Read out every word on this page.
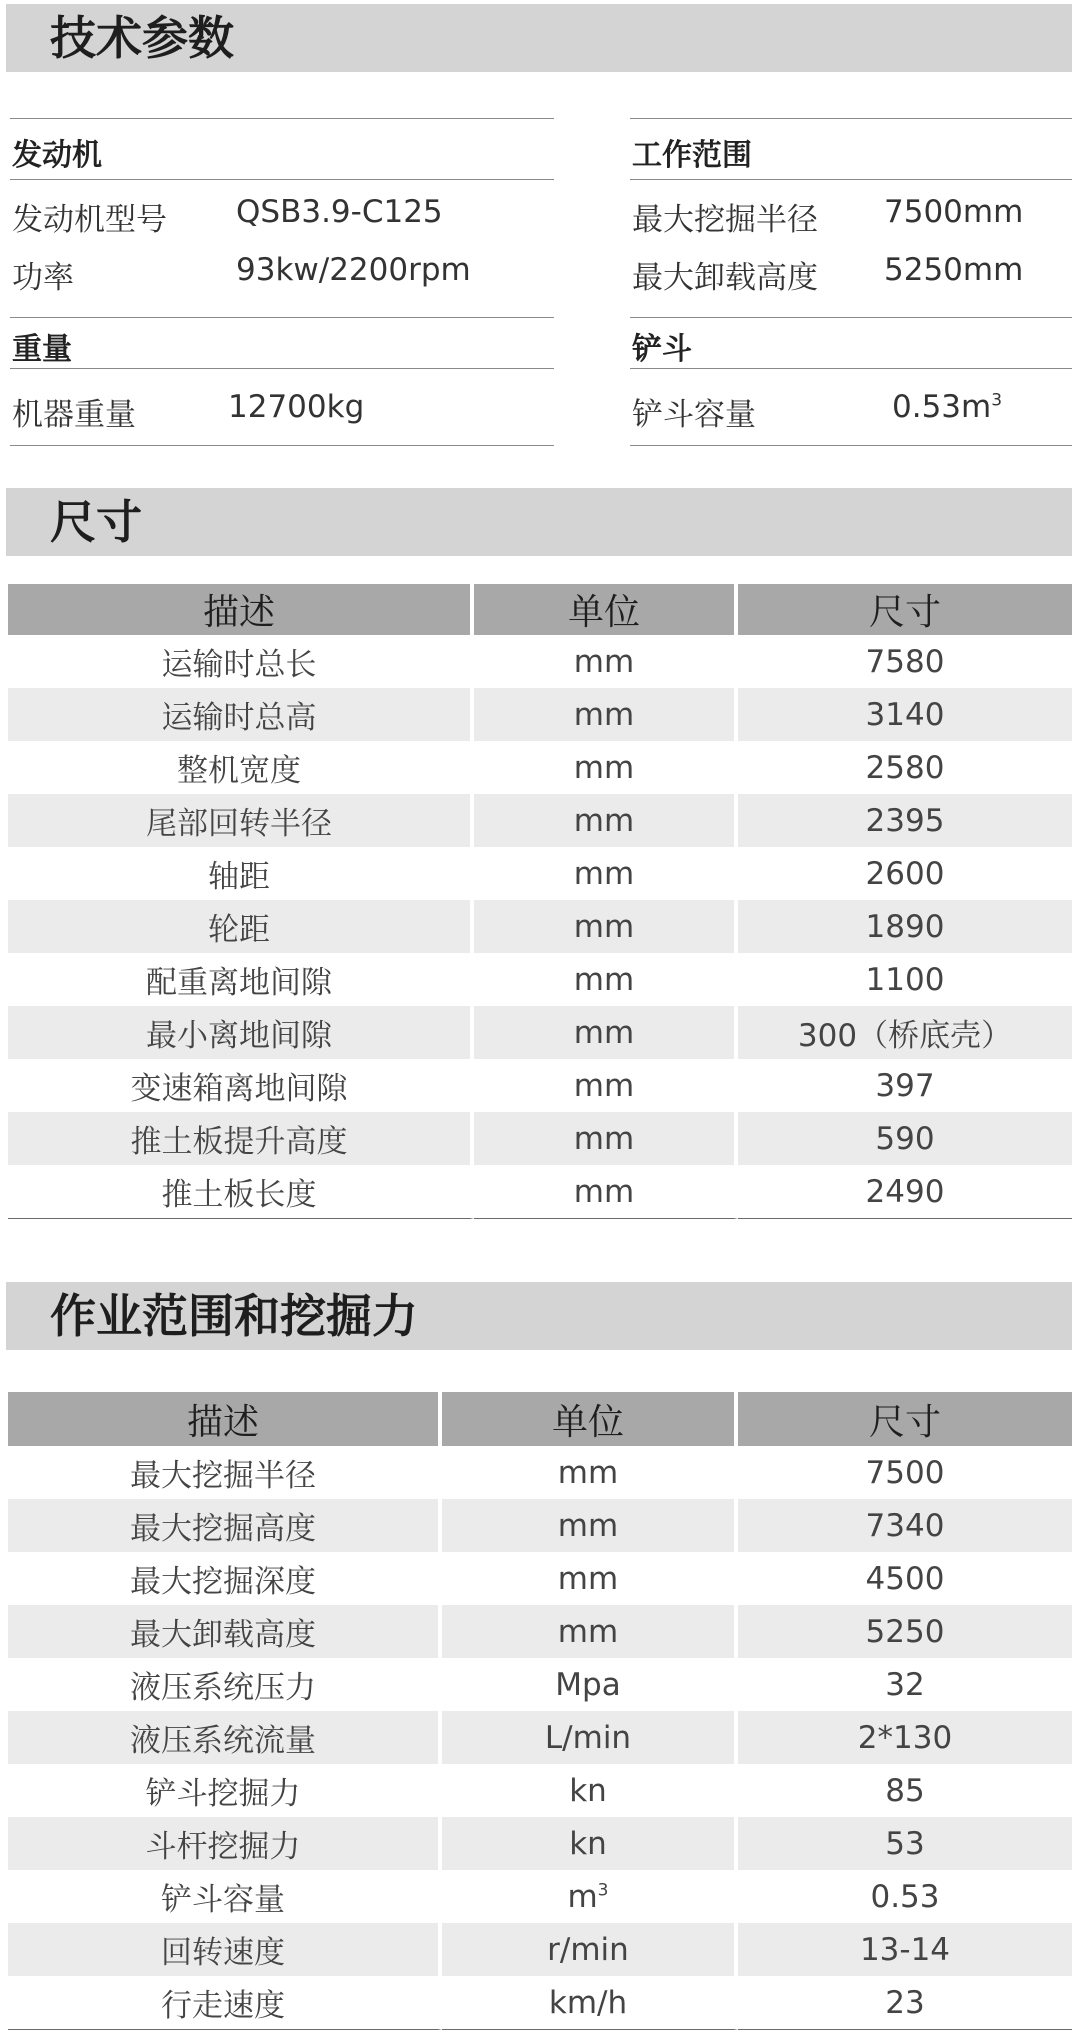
技术参数
发动机
发动机型号 QSB3.9-C125
功率	93kw/2200rpm
重量
机器重量	12700kg
工作范围
最大挖掘半径 7500mm
最大卸载高度 5250mm
铲斗
铲斗容量	$0.53m^3$
尺寸
描述	单位	尺寸
运输时总长	mm	7580
运输时总高	mm	3140
整机宽度	mm	2580
尾部回转半径	mm	2395
轴距	mm	2600
轮距	mm	1890
配重离地间隙	mm	1100
最小离地间隙	mm	300（桥底壳）
变速箱离地间隙	mm	397
推土板提升高度	mm	590
推土板长度	mm	2490
作业范围和挖掘力
描述	单位	尺寸
最大挖掘半径	mm	7500
最大挖掘高度	mm	7340
最大挖掘深度	mm	4500
最大卸载高度	mm	5250
液压系统压力	Mpa	32
液压系统流量	L/min	2*130
铲斗挖掘力	kn	85
斗杆挖掘力	kn	53
铲斗容量	$m^3$	0.53
回转速度	r/min	13-14
行走速度	km/h	23
